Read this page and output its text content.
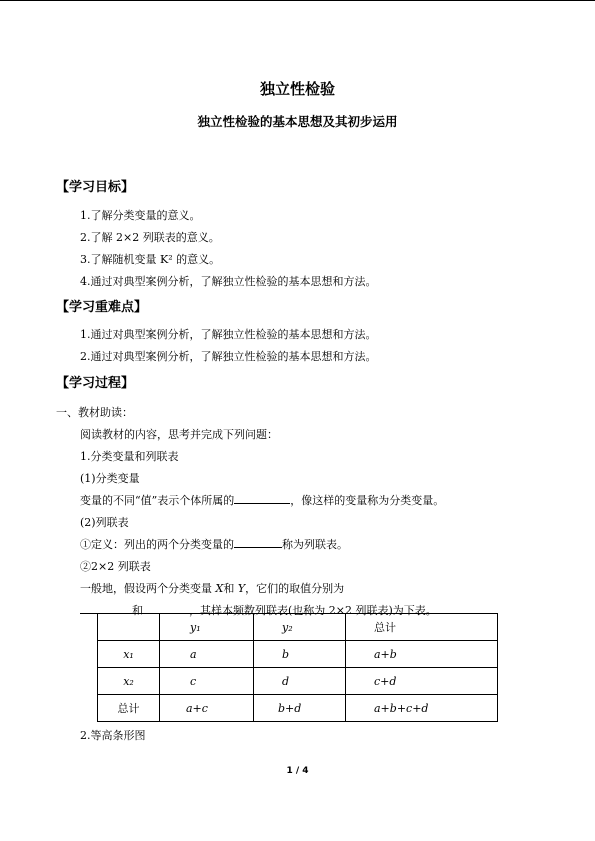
独立性检验
独立性检验的基本思想及其初步运用
【学习目标】
1.了解分类变量的意义。
2.了解 2×2 列联表的意义。
3.了解随机变量 K² 的意义。
4.通过对典型案例分析，了解独立性检验的基本思想和方法。
【学习重难点】
1.通过对典型案例分析，了解独立性检验的基本思想和方法。
2.通过对典型案例分析，了解独立性检验的基本思想和方法。
【学习过程】
一、教材助读：
阅读教材的内容，思考并完成下列问题：
1.分类变量和列联表
(1)分类变量
变量的不同“值”表示个体所属的	，像这样的变量称为分类变量。
(2)列联表
①定义：列出的两个分类变量的	称为列联表。
②2×2 列联表
一般地，假设两个分类变量 X和 Y，它们的取值分别为
和	，其样本频数列联表(也称为 2×2 列联表)为下表。
	y₁	y₂	总计
x₁	a	b	a+b
x₂	c	d	c+d
总计	a+c	b+d	a+b+c+d
2.等高条形图
1 / 4
